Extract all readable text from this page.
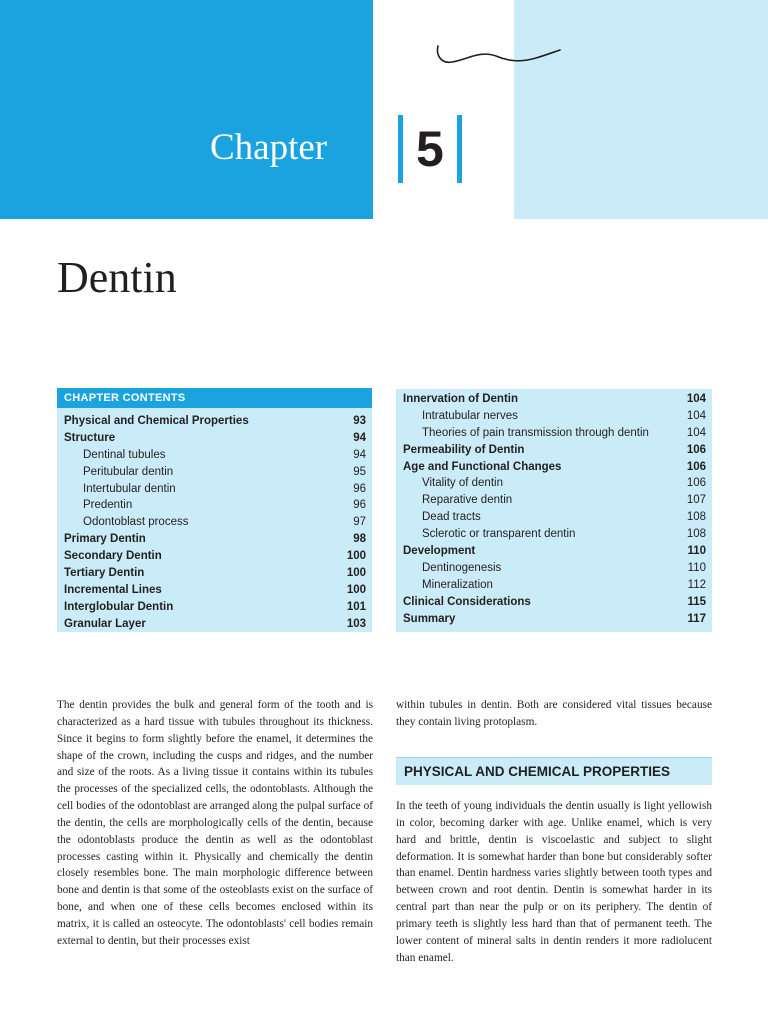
Chapter 5
Dentin
CHAPTER CONTENTS
Physical and Chemical Properties	93
Structure	94
Dentinal tubules	94
Peritubular dentin	95
Intertubular dentin	96
Predentin	96
Odontoblast process	97
Primary Dentin	98
Secondary Dentin	100
Tertiary Dentin	100
Incremental Lines	100
Interglobular Dentin	101
Granular Layer	103
Innervation of Dentin	104
Intratubular nerves	104
Theories of pain transmission through dentin	104
Permeability of Dentin	106
Age and Functional Changes	106
Vitality of dentin	106
Reparative dentin	107
Dead tracts	108
Sclerotic or transparent dentin	108
Development	110
Dentinogenesis	110
Mineralization	112
Clinical Considerations	115
Summary	117

The dentin provides the bulk and general form of the tooth and is characterized as a hard tissue with tubules throughout its thickness. Since it begins to form slightly before the enamel, it determines the shape of the crown, including the cusps and ridges, and the number and size of the roots. As a living tissue it contains within its tubules the processes of the specialized cells, the odontoblasts. Although the cell bodies of the odontoblast are arranged along the pulpal surface of the dentin, the cells are morphologically cells of the dentin, because the odontoblasts produce the dentin as well as the odontoblast processes casting within it. Physically and chemically the dentin closely resembles bone. The main morphologic difference between bone and dentin is that some of the osteoblasts exist on the surface of bone, and when one of these cells becomes enclosed within its matrix, it is called an osteocyte. The odontoblasts' cell bodies remain external to dentin, but their processes exist

within tubules in dentin. Both are considered vital tissues because they contain living protoplasm.

PHYSICAL AND CHEMICAL PROPERTIES

In the teeth of young individuals the dentin usually is light yellowish in color, becoming darker with age. Unlike enamel, which is very hard and brittle, dentin is viscoelastic and subject to slight deformation. It is somewhat harder than bone but considerably softer than enamel. Dentin hardness varies slightly between tooth types and between crown and root dentin. Dentin is somewhat harder in its central part than near the pulp or on its periphery. The dentin of primary teeth is slightly less hard than that of permanent teeth. The lower content of mineral salts in dentin renders it more radiolucent than enamel.
